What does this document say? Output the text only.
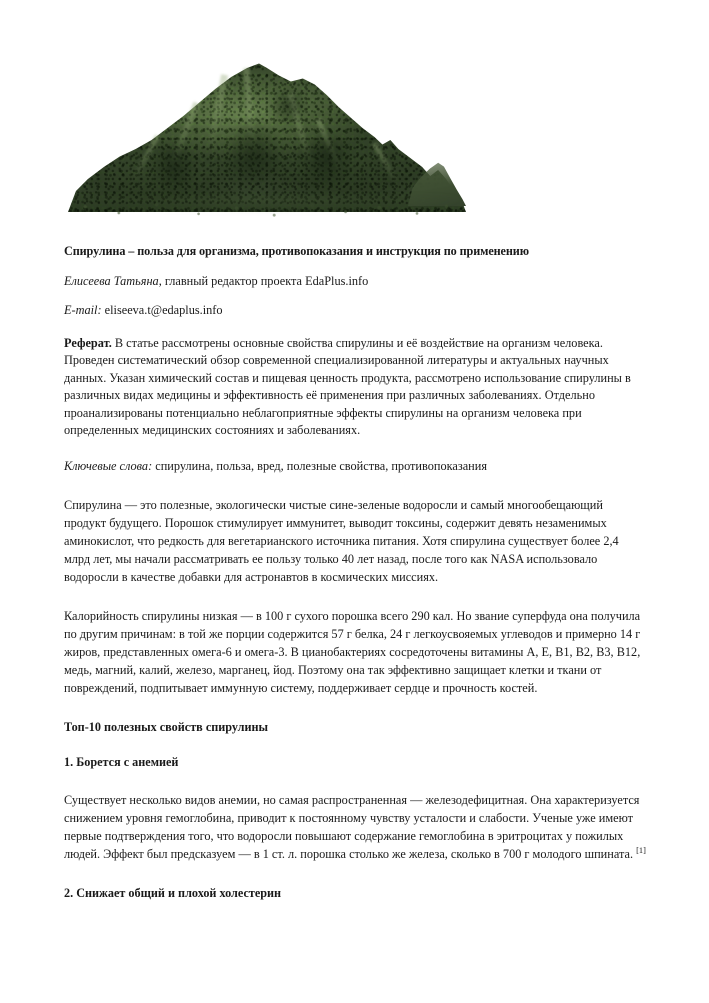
Спирулина – польза для организма, противопоказания и инструкция по применению
Елисеева Татьяна, главный редактор проекта EdaPlus.info
E-mail: eliseeva.t@edaplus.info
Реферат. В статье рассмотрены основные свойства спирулины и её воздействие на организм человека. Проведен систематический обзор современной специализированной литературы и актуальных научных данных. Указан химический состав и пищевая ценность продукта, рассмотрено использование спирулины в различных видах медицины и эффективность её применения при различных заболеваниях. Отдельно проанализированы потенциально неблагоприятные эффекты спирулины на организм человека при определенных медицинских состояниях и заболеваниях.
Ключевые слова: спирулина, польза, вред, полезные свойства, противопоказания

Спирулина — это полезные, экологически чистые сине-зеленые водоросли и самый многообещающий продукт будущего. Порошок стимулирует иммунитет, выводит токсины, содержит девять незаменимых аминокислот, что редкость для вегетарианского источника питания. Хотя спирулина существует более 2,4 млрд лет, мы начали рассматривать ее пользу только 40 лет назад, после того как NASA использовало водоросли в качестве добавки для астронавтов в космических миссиях.

Калорийность спирулины низкая — в 100 г сухого порошка всего 290 кал. Но звание суперфуда она получила по другим причинам: в той же порции содержится 57 г белка, 24 г легкоусвояемых углеводов и примерно 14 г жиров, представленных омега-6 и омега-3. В цианобактериях сосредоточены витамины A, E, B1, B2, B3, B12, медь, магний, калий, железо, марганец, йод. Поэтому она так эффективно защищает клетки и ткани от повреждений, подпитывает иммунную систему, поддерживает сердце и прочность костей.

Топ-10 полезных свойств спирулины
1. Борется с анемией

Существует несколько видов анемии, но самая распространенная — железодефицитная. Она характеризуется снижением уровня гемоглобина, приводит к постоянному чувству усталости и слабости. Ученые уже имеют первые подтверждения того, что водоросли повышают содержание гемоглобина в эритроцитах у пожилых людей. Эффект был предсказуем — в 1 ст. л. порошка столько же железа, сколько в 700 г молодого шпината. [1]

2. Снижает общий и плохой холестерин
